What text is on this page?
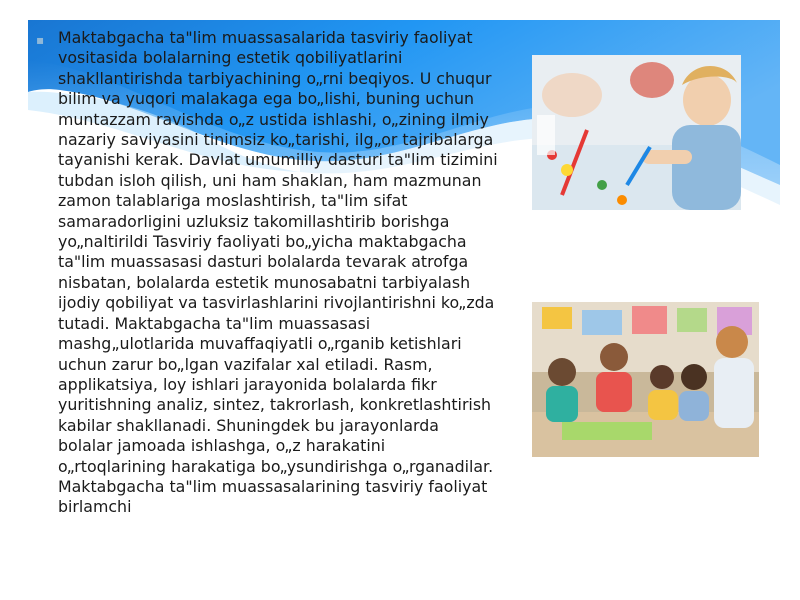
▪ Maktabgacha ta"lim muassasalarida tasviriy faoliyat vositasida bolalarning estetik qobiliyatlarini shakllantirishda tarbiyachining o„rni beqiyos. U chuqur bilim va yuqori malakaga ega bo„lishi, buning uchun muntazzam ravishda o„z ustida ishlashi, o„zining ilmiy nazariy saviyasini tinimsiz ko„tarishi, ilg„or tajribalarga tayanishi kerak. Davlat umumilliy dasturi ta"lim tizimini tubdan isloh qilish, uni ham shaklan, ham mazmunan zamon talablariga moslashtirish, ta"lim sifat samaradorligini uzluksiz takomillashtirib borishga yo„naltirildi Tasviriy faoliyati bo„yicha maktabgacha ta"lim muassasasi dasturi bolalarda tevarak atrofga nisbatan, bolalarda estetik munosabatni tarbiyalash ijodiy qobiliyat va tasvirlashlarini rivojlantirishni ko„zda tutadi. Maktabgacha ta"lim muassasasi mashg„ulotlarida muvaffaqiyatli o„rganib ketishlari uchun zarur bo„lgan vazifalar xal etiladi. Rasm, applikatsiya, loy ishlari jarayonida bolalarda fikr yuritishning analiz, sintez, takrorlash, konkretlashtirish kabilar shakllanadi. Shuningdek bu jarayonlarda bolalar jamoada ishlashga, o„z harakatini o„rtoqlarining harakatiga bo„ysundirishga o„rganadilar. Maktabgacha ta"lim muassasalarining tasviriy faoliyat birlamchi
